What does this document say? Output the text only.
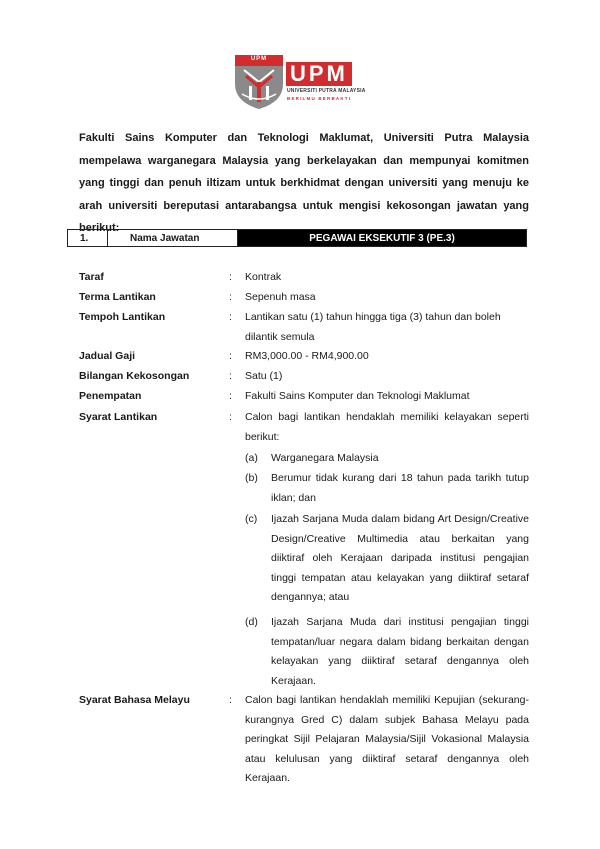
UPM
UPM
UNIVERSITI PUTRA MALAYSIA
BERILMU BERBAKTI
Fakulti Sains Komputer dan Teknologi Maklumat, Universiti Putra Malaysia mempelawa warganegara Malaysia yang berkelayakan dan mempunyai komitmen yang tinggi dan penuh iltizam untuk berkhidmat dengan universiti yang menuju ke arah universiti bereputasi antarabangsa untuk mengisi kekosongan jawatan yang berikut:
1.	Nama Jawatan	PEGAWAI EKSEKUTIF 3 (PE.3)
Taraf	: Kontrak
Terma Lantikan	: Sepenuh masa
Tempoh Lantikan	: Lantikan satu (1) tahun hingga tiga (3) tahun dan boleh dilantik semula
Jadual Gaji	: RM3,000.00 - RM4,900.00
Bilangan Kekosongan	: Satu (1)
Penempatan	: Fakulti Sains Komputer dan Teknologi Maklumat
Syarat Lantikan	: Calon bagi lantikan hendaklah memiliki kelayakan seperti berikut:
(a) Warganegara Malaysia
(b) Berumur tidak kurang dari 18 tahun pada tarikh tutup iklan; dan
(c) Ijazah Sarjana Muda dalam bidang Art Design/Creative Design/Creative Multimedia atau berkaitan yang diiktiraf oleh Kerajaan daripada institusi pengajian tinggi tempatan atau kelayakan yang diiktiraf setaraf dengannya; atau
(d) Ijazah Sarjana Muda dari institusi pengajian tinggi tempatan/luar negara dalam bidang berkaitan dengan kelayakan yang diiktiraf setaraf dengannya oleh Kerajaan.
Syarat Bahasa Melayu	: Calon bagi lantikan hendaklah memiliki Kepujian (sekurang-kurangnya Gred C) dalam subjek Bahasa Melayu pada peringkat Sijil Pelajaran Malaysia/Sijil Vokasional Malaysia atau kelulusan yang diiktiraf setaraf dengannya oleh Kerajaan.
